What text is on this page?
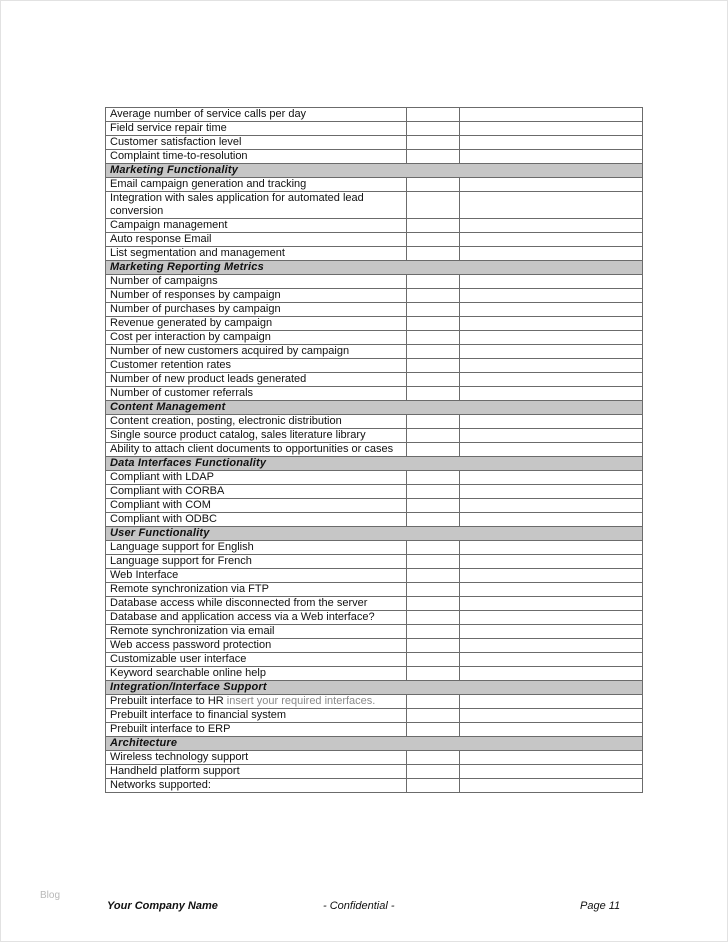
Average number of service calls per day		
Field service repair time		
Customer satisfaction level		
Complaint time-to-resolution		
Marketing Functionality		
Email campaign generation and tracking		
Integration with sales application for automated lead conversion		
Campaign management		
Auto response Email		
List segmentation and management		
Marketing Reporting Metrics		
Number of campaigns		
Number of responses by campaign		
Number of purchases by campaign		
Revenue generated by campaign		
Cost per interaction by campaign		
Number of new customers acquired by campaign		
Customer retention rates		
Number of new product leads generated		
Number of customer referrals		
Content Management		
Content creation, posting, electronic distribution		
Single source product catalog, sales literature library		
Ability to attach client documents to opportunities or cases		
Data Interfaces Functionality		
Compliant with LDAP		
Compliant with CORBA		
Compliant with COM		
Compliant with ODBC		
User Functionality		
Language support for English		
Language support for French		
Web Interface		
Remote synchronization via FTP		
Database access while disconnected from the server		
Database and application access via a Web interface?		
Remote synchronization via email		
Web access password protection		
Customizable user interface		
Keyword searchable online help		
Integration/Interface Support		
Prebuilt interface to HR insert your required interfaces.		
Prebuilt interface to financial system		
Prebuilt interface to ERP		
Architecture		
Wireless technology support		
Handheld platform support		
Networks supported:		
Blog
Your Company Name	- Confidential -	Page 11
